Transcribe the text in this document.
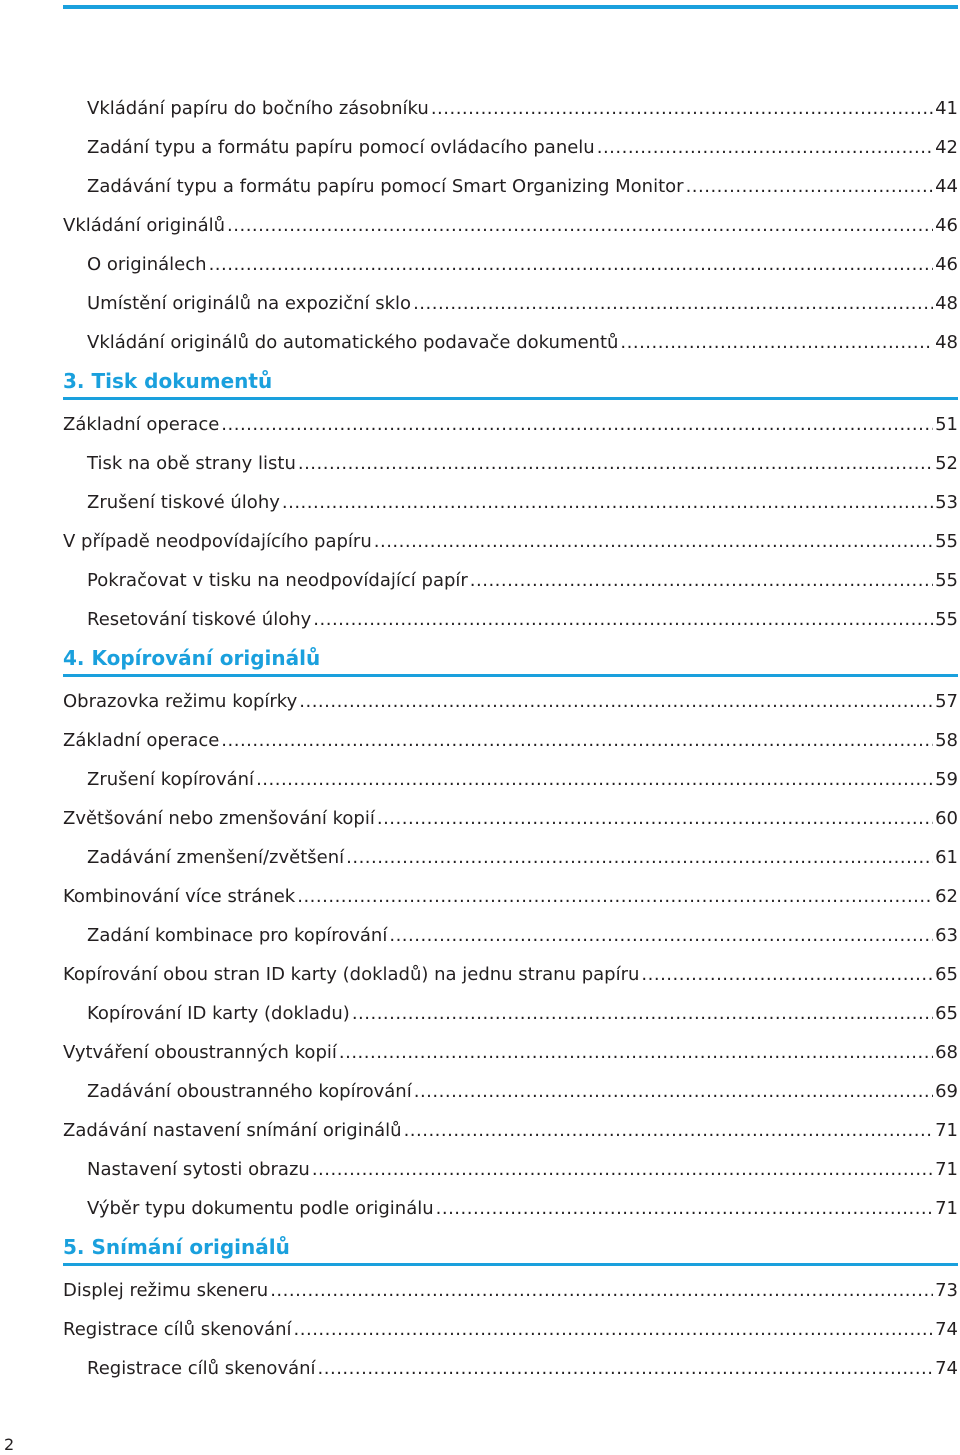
Vkládání papíru do bočního zásobníku .....	41
Zadání typu a formátu papíru pomocí ovládacího panelu .....	42
Zadávání typu a formátu papíru pomocí Smart Organizing Monitor .....	44
Vkládání originálů .....	46
O originálech .....	46
Umístění originálů na expoziční sklo .....	48
Vkládání originálů do automatického podavače dokumentů .....	48
3. Tisk dokumentů
Základní operace .....	51
Tisk na obě strany listu .....	52
Zrušení tiskové úlohy .....	53
V případě neodpovídajícího papíru .....	55
Pokračovat v tisku na neodpovídající papír .....	55
Resetování tiskové úlohy .....	55
4. Kopírování originálů
Obrazovka režimu kopírky .....	57
Základní operace .....	58
Zrušení kopírování .....	59
Zvětšování nebo zmenšování kopií .....	60
Zadávání zmenšení/zvětšení .....	61
Kombinování více stránek .....	62
Zadání kombinace pro kopírování .....	63
Kopírování obou stran ID karty (dokladů) na jednu stranu papíru .....	65
Kopírování ID karty (dokladu) .....	65
Vytváření oboustranných kopií .....	68
Zadávání oboustranného kopírování .....	69
Zadávání nastavení snímání originálů .....	71
Nastavení sytosti obrazu .....	71
Výběr typu dokumentu podle originálu .....	71
5. Snímání originálů
Displej režimu skeneru .....	73
Registrace cílů skenování .....	74
Registrace cílů skenování .....	74
2
